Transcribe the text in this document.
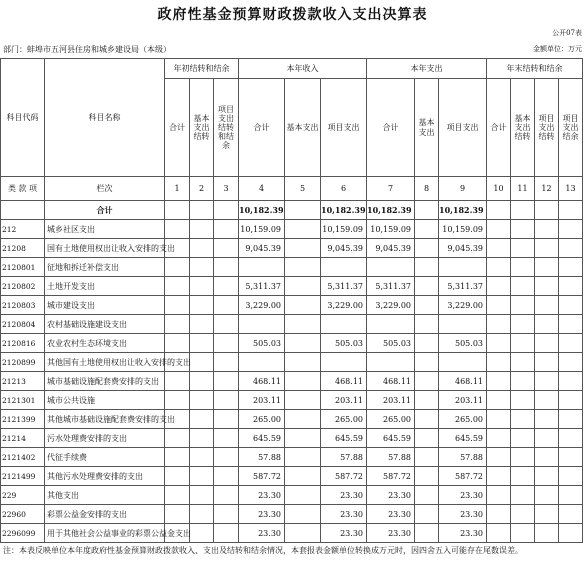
政府性基金预算财政拨款收入支出决算表
公开07表
部门：蚌埠市五河县住房和城乡建设局（本级）	金额单位：万元
科目代码	科目名称	年初结转和结余			本年收入			本年支出			年末结转和结余			
		合计	基本支出结转	项目支出结转和结余	合计	基本支出	项目支出	合计	基本支出	项目支出	合计	基本支出结转	项目支出结转	项目支出结余
类 款 项	栏次	1	2	3	4	5	6	7	8	9	10	11	12	13
	合计				10,182.39		10,182.39	10,182.39		10,182.39				
212	城乡社区支出				10,159.09		10,159.09	10,159.09		10,159.09				
21208	国有土地使用权出让收入安排的支出				9,045.39		9,045.39	9,045.39		9,045.39				
2120801	征地和拆迁补偿支出													
2120802	土地开发支出				5,311.37		5,311.37	5,311.37		5,311.37				
2120803	城市建设支出				3,229.00		3,229.00	3,229.00		3,229.00				
2120804	农村基础设施建设支出													
2120816	农业农村生态环境支出				505.03		505.03	505.03		505.03				
2120899	其他国有土地使用权出让收入安排的支出													
21213	城市基础设施配套费安排的支出				468.11		468.11	468.11		468.11				
2121301	城市公共设施				203.11		203.11	203.11		203.11				
2121399	其他城市基础设施配套费安排的支出				265.00		265.00	265.00		265.00				
21214	污水处理费安排的支出				645.59		645.59	645.59		645.59				
2121402	代征手续费				57.88		57.88	57.88		57.88				
2121499	其他污水处理费安排的支出				587.72		587.72	587.72		587.72				
229	其他支出				23.30		23.30	23.30		23.30				
22960	彩票公益金安排的支出				23.30		23.30	23.30		23.30				
2296099	用于其他社会公益事业的彩票公益金支出				23.30		23.30	23.30		23.30				
注：本表反映单位本年度政府性基金预算财政拨款收入、支出及结转和结余情况，本套报表金额单位转换成万元时，因四舍五入可能存在尾数误差。
